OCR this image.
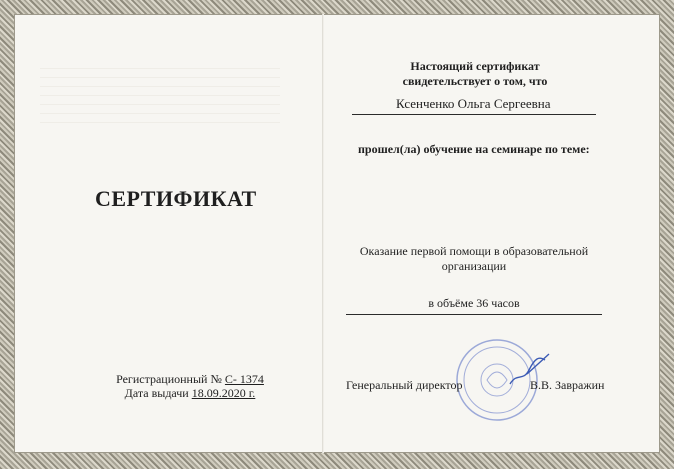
СЕРТИФИКАТ
Регистрационный № С- 1374
Дата выдачи 18.09.2020 г.
Настоящий сертификат
свидетельствует о том, что
Ксенченко Ольга Сергеевна
прошел(ла) обучение на семинаре по теме:
Оказание первой помощи в образовательной
организации
в объёме 36 часов
Генеральный директор	В.В. Завражин
